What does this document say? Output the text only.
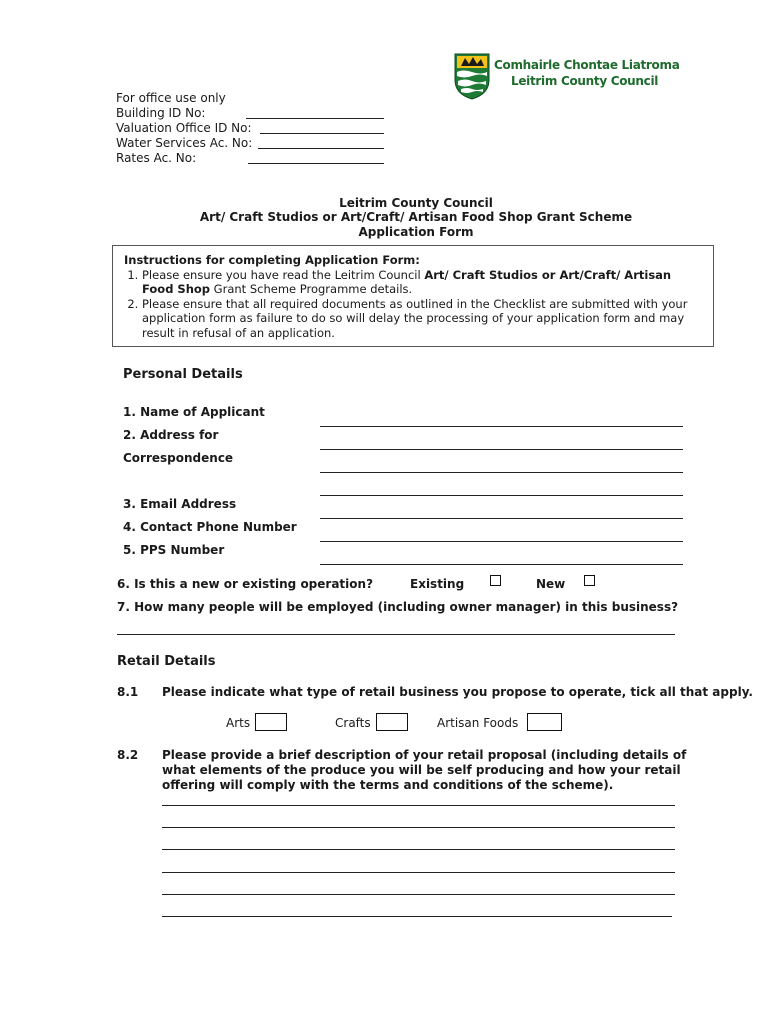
Comhairle Chontae Liatroma
Leitrim County Council
For office use only
Building ID No:
Valuation Office ID No:
Water Services Ac. No:
Rates Ac. No:
Leitrim County Council
Art/ Craft Studios or Art/Craft/ Artisan Food Shop Grant Scheme
Application Form
Instructions for completing Application Form:
1. Please ensure you have read the Leitrim Council Art/ Craft Studios or Art/Craft/ Artisan Food Shop Grant Scheme Programme details.
2. Please ensure that all required documents as outlined in the Checklist are submitted with your application form as failure to do so will delay the processing of your application form and may result in refusal of an application.
Personal Details
1. Name of Applicant
2. Address for
Correspondence
3. Email Address
4. Contact Phone Number
5. PPS Number
6. Is this a new or existing operation?	Existing	New
7. How many people will be employed (including owner manager) in this business?
Retail Details
8.1 Please indicate what type of retail business you propose to operate, tick all that apply.
Arts	Crafts	Artisan Foods
8.2 Please provide a brief description of your retail proposal (including details of what elements of the produce you will be self producing and how your retail offering will comply with the terms and conditions of the scheme).
